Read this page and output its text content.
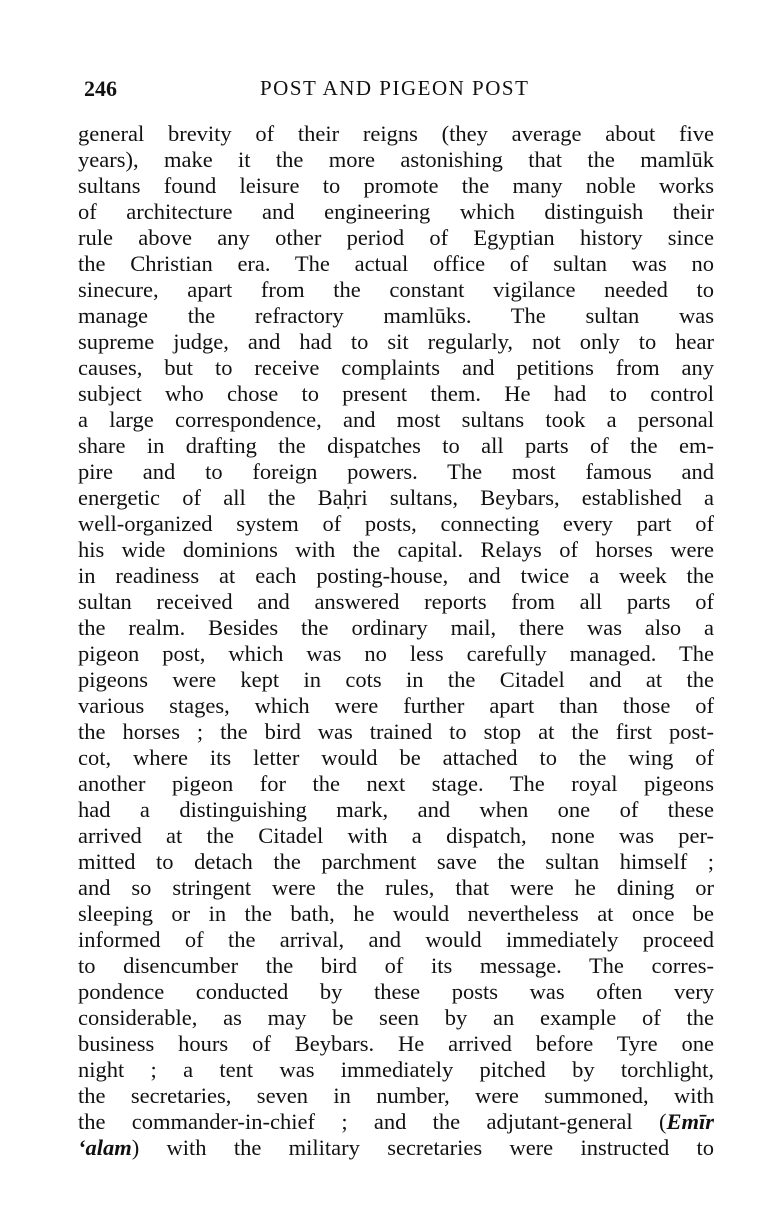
246	POST AND PIGEON POST
general brevity of their reigns (they average about five
years), make it the more astonishing that the mamlūk
sultans found leisure to promote the many noble works
of architecture and engineering which distinguish their
rule above any other period of Egyptian history since
the Christian era. The actual office of sultan was no
sinecure, apart from the constant vigilance needed to
manage the refractory mamlūks. The sultan was
supreme judge, and had to sit regularly, not only to hear
causes, but to receive complaints and petitions from any
subject who chose to present them. He had to control
a large correspondence, and most sultans took a personal
share in drafting the dispatches to all parts of the em-
pire and to foreign powers. The most famous and
energetic of all the Baḥri sultans, Beybars, established a
well-organized system of posts, connecting every part of
his wide dominions with the capital. Relays of horses were
in readiness at each posting-house, and twice a week the
sultan received and answered reports from all parts of
the realm. Besides the ordinary mail, there was also a
pigeon post, which was no less carefully managed. The
pigeons were kept in cots in the Citadel and at the
various stages, which were further apart than those of
the horses ; the bird was trained to stop at the first post-
cot, where its letter would be attached to the wing of
another pigeon for the next stage. The royal pigeons
had a distinguishing mark, and when one of these
arrived at the Citadel with a dispatch, none was per-
mitted to detach the parchment save the sultan himself ;
and so stringent were the rules, that were he dining or
sleeping or in the bath, he would nevertheless at once be
informed of the arrival, and would immediately proceed
to disencumber the bird of its message. The corres-
pondence conducted by these posts was often very
considerable, as may be seen by an example of the
business hours of Beybars. He arrived before Tyre one
night ; a tent was immediately pitched by torchlight,
the secretaries, seven in number, were summoned, with
the commander-in-chief ; and the adjutant-general (Emīr
ʻalam) with the military secretaries were instructed to
